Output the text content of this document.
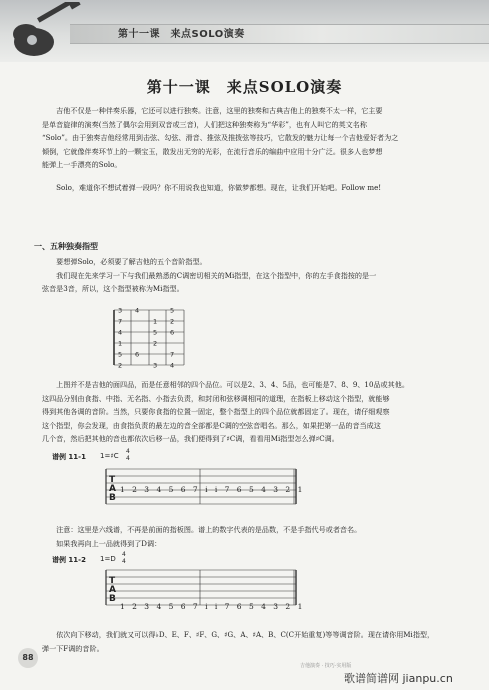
第十一课　来点SOLO演奏
第十一课　来点SOLO演奏
　　吉他不仅是一种伴奏乐器，它还可以进行独奏。注意，这里的独奏和古典吉他上的独奏不太一样，它主要
是单音旋律的演奏(当然了偶尔会用到双音或三音)，人们把这种独奏称为“华彩”，也有人叫它的英文名称
“Solo”。由于独奏吉他经常用到击弦、勾弦、滑音、推弦及推拨弦等技巧，它散发的魅力让每一个吉他爱好者为之
倾倒，它就像伴奏环节上的一颗宝玉，散发出无穷的光彩，在流行音乐的编曲中应用十分广泛。很多人也梦想
能弹上一手漂亮的Solo。
　　Solo，难道你不想试着弹一段吗？你不用说我也知道，你做梦都想。现在，让我们开始吧。Follow me!
一、五种独奏指型
　　要想弹Solo，必须要了解吉他的五个音阶指型。
　　我们现在先来学习一下与我们最熟悉的C调密切相关的Mi指型，在这个指型中，你的左手食指按的是一
弦音是3音，所以，这个指型被称为Mi指型。
3 4	5
7	1 2
4	5 6
1	2
5 6	7
2	3 4
　　上图并不是吉他的面四品，而是任意相邻的四个品位。可以是2、3、4、5品，也可能是7、8、9、10品或其他。
这四品分别由食指、中指、无名指、小指去负责，和封闭和弦移调相同的道理，在指板上移动这个指型，就能够
得到其他各调的音阶。当然，只要你食指的位置一固定，整个指型上的四个品位就都固定了。现在，请仔细观察
这个指型，你会发现，由食指负责的最左边的音全部都是C调的空弦音唱名。那么，如果把第一品的音当成这
几个音，然后把其他的音也都依次后移一品，我们便得到了♯C调，看看用Mi指型怎么弹♯C调。
谱例 11-1 1=♯C
4
4
T
A
B
1 2 3 4 5 6 7 i i 7 6 5 4 3 2 1
　　注意：这里是六线谱，不再是前面的指板图。谱上的数字代表的是品数，不是手指代号或者音名。
　　如果我再向上一品就得到了D调：
谱例 11-2 1=D
4
4
T
A
B
1 2 3 4 5 6 7 i i 7 6 5 4 3 2 1
　　依次向下移动，我们就又可以得♭D、E、F、♯F、G、♯G、A、♯A、B、C(C开始重复)等等调音阶。现在请你用Mi指型，
弹一下F调的音阶。
88
吉他演奏 · 技巧·实用版
歌谱简谱网 jianpu.cn
